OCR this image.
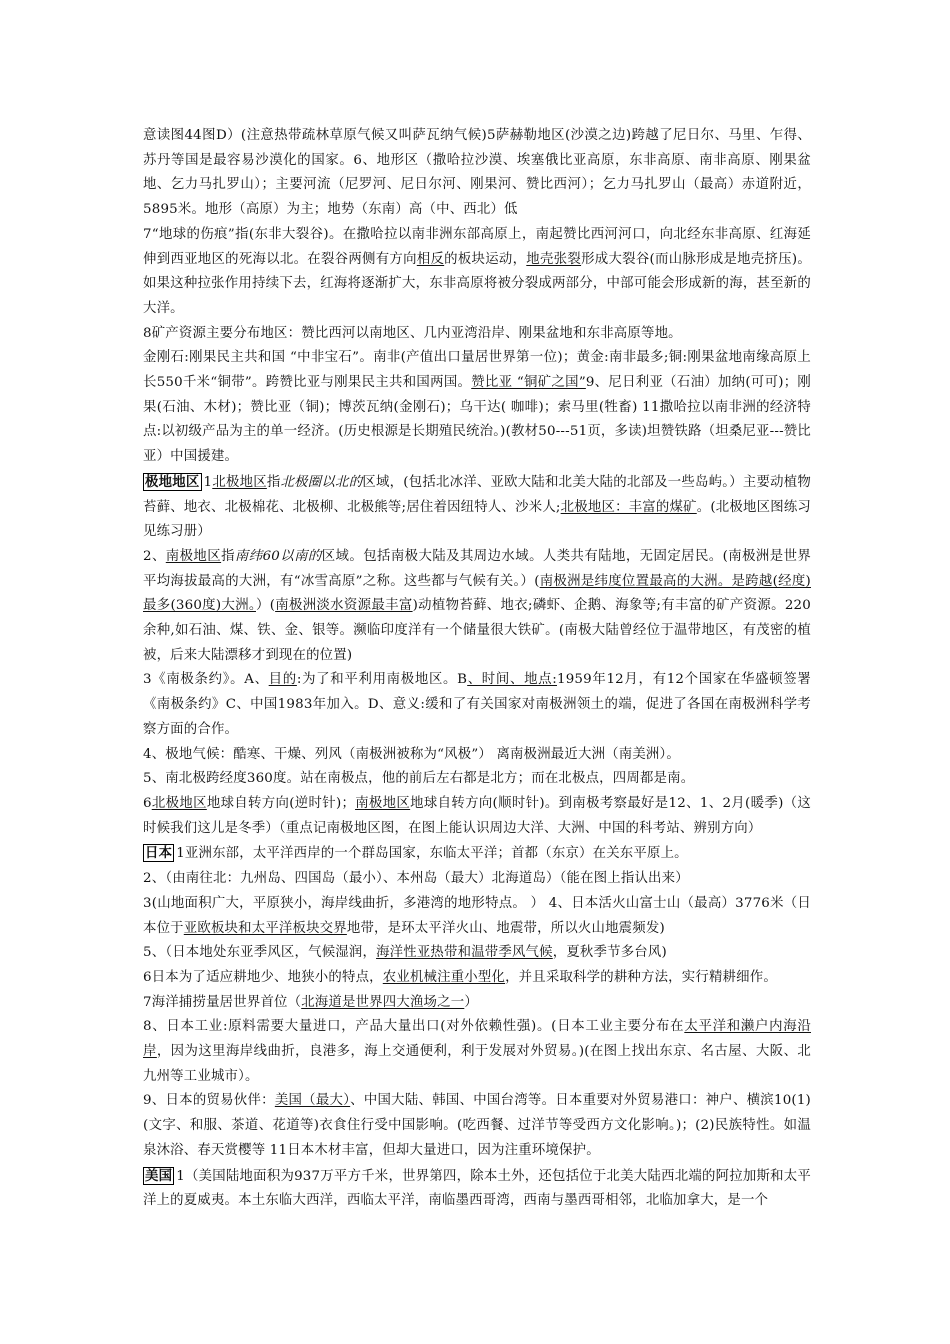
意读图44图D）(注意热带疏林草原气候又叫萨瓦纳气候)5萨赫勒地区(沙漠之边)跨越了尼日尔、马里、乍得、苏丹等国是最容易沙漠化的国家。6、地形区（撒哈拉沙漠、埃塞俄比亚高原，东非高原、南非高原、刚果盆地、乞力马扎罗山）；主要河流（尼罗河、尼日尔河、刚果河、赞比西河）；乞力马扎罗山（最高）赤道附近，5895米。地形（高原）为主；地势（东南）高（中、西北）低

7“地球的伤痕”指(东非大裂谷)。在撒哈拉以南非洲东部高原上，南起赞比西河河口，向北经东非高原、红海延伸到西亚地区的死海以北。在裂谷两侧有方向相反的板块运动，地壳张裂形成大裂谷(而山脉形成是地壳挤压)。如果这种拉张作用持续下去，红海将逐渐扩大，东非高原将被分裂成两部分，中部可能会形成新的海，甚至新的大洋。

8矿产资源主要分布地区：赞比西河以南地区、几内亚湾沿岸、刚果盆地和东非高原等地。

金刚石:刚果民主共和国 “中非宝石”。南非(产值出口量居世界第一位)；黄金:南非最多;铜:刚果盆地南缘高原上长550千米“铜带”。跨赞比亚与刚果民主共和国两国。赞比亚 “铜矿之国”9、尼日利亚（石油）加纳(可可)；刚果(石油、木材)；赞比亚（铜)；博茨瓦纳(金刚石)；乌干达( 咖啡)；索马里(牲畜) 11撒哈拉以南非洲的经济特点:以初级产品为主的单一经济。(历史根源是长期殖民统治。)(教材50---51页，多读)坦赞铁路（坦桑尼亚---赞比亚）中国援建。

极地地区 1北极地区指北极圈以北的区域，(包括北冰洋、亚欧大陆和北美大陆的北部及一些岛屿。）主要动植物苔藓、地衣、北极棉花、北极柳、北极熊等;居住着因纽特人、沙米人;北极地区：丰富的煤矿。(北极地区图练习见练习册）

2、南极地区指南纬60以南的区域。包括南极大陆及其周边水域。人类共有陆地，无固定居民。(南极洲是世界平均海拔最高的大洲，有“冰雪高原”之称。这些都与气候有关。）(南极洲是纬度位置最高的大洲。是跨越(经度)最多(360度)大洲。）(南极洲淡水资源最丰富)动植物苔藓、地衣;磷虾、企鹅、海象等;有丰富的矿产资源。220余种,如石油、煤、铁、金、银等。濒临印度洋有一个储量很大铁矿。(南极大陆曾经位于温带地区，有茂密的植被，后来大陆漂移才到现在的位置)

3《南极条约》。A、目的:为了和平利用南极地区。B、时间、地点:1959年12月，有12个国家在华盛顿签署《南极条约》C、中国1983年加入。D、意义:缓和了有关国家对南极洲领土的端，促进了各国在南极洲科学考察方面的合作。

4、极地气候：酷寒、干燥、列风（南极洲被称为“风极”） 离南极洲最近大洲（南美洲）。

5、南北极跨经度360度。站在南极点，他的前后左右都是北方；而在北极点，四周都是南。

6北极地区地球自转方向(逆时针)；南极地区地球自转方向(顺时针)。到南极考察最好是12、1、2月(暖季)（这时候我们这儿是冬季）（重点记南极地区图，在图上能认识周边大洋、大洲、中国的科考站、辨别方向）

日本 1亚洲东部，太平洋西岸的一个群岛国家，东临太平洋；首都（东京）在关东平原上。

2、（由南往北：九州岛、四国岛（最小）、本州岛（最大）北海道岛）（能在图上指认出来）

3(山地面积广大，平原狭小，海岸线曲折，多港湾的地形特点。 ） 4、日本活火山富士山（最高）3776米（日本位于亚欧板块和太平洋板块交界地带，是环太平洋火山、地震带，所以火山地震频发)

5、（日本地处东亚季风区，气候湿润，海洋性亚热带和温带季风气候，夏秋季节多台风)

6日本为了适应耕地少、地狭小的特点，农业机械注重小型化，并且采取科学的耕种方法，实行精耕细作。

7海洋捕捞量居世界首位（北海道是世界四大渔场之一）

8、日本工业:原料需要大量进口，产品大量出口(对外依赖性强)。(日本工业主要分布在太平洋和濑户内海沿岸，因为这里海岸线曲折，良港多，海上交通便利，利于发展对外贸易。)(在图上找出东京、名古屋、大阪、北九州等工业城市）。

9、日本的贸易伙伴：美国（最大）、中国大陆、韩国、中国台湾等。日本重要对外贸易港口：神户、横滨10(1)(文字、和服、茶道、花道等)衣食住行受中国影响。(吃西餐、过洋节等受西方文化影响。)；(2)民族特性。如温泉沐浴、春天赏樱等 11日本木材丰富，但却大量进口，因为注重环境保护。

美国 1（美国陆地面积为937万平方千米，世界第四，除本土外，还包括位于北美大陆西北端的阿拉加斯和太平洋上的夏威夷。本土东临大西洋，西临太平洋，南临墨西哥湾，西南与墨西哥相邻，北临加拿大，是一个
